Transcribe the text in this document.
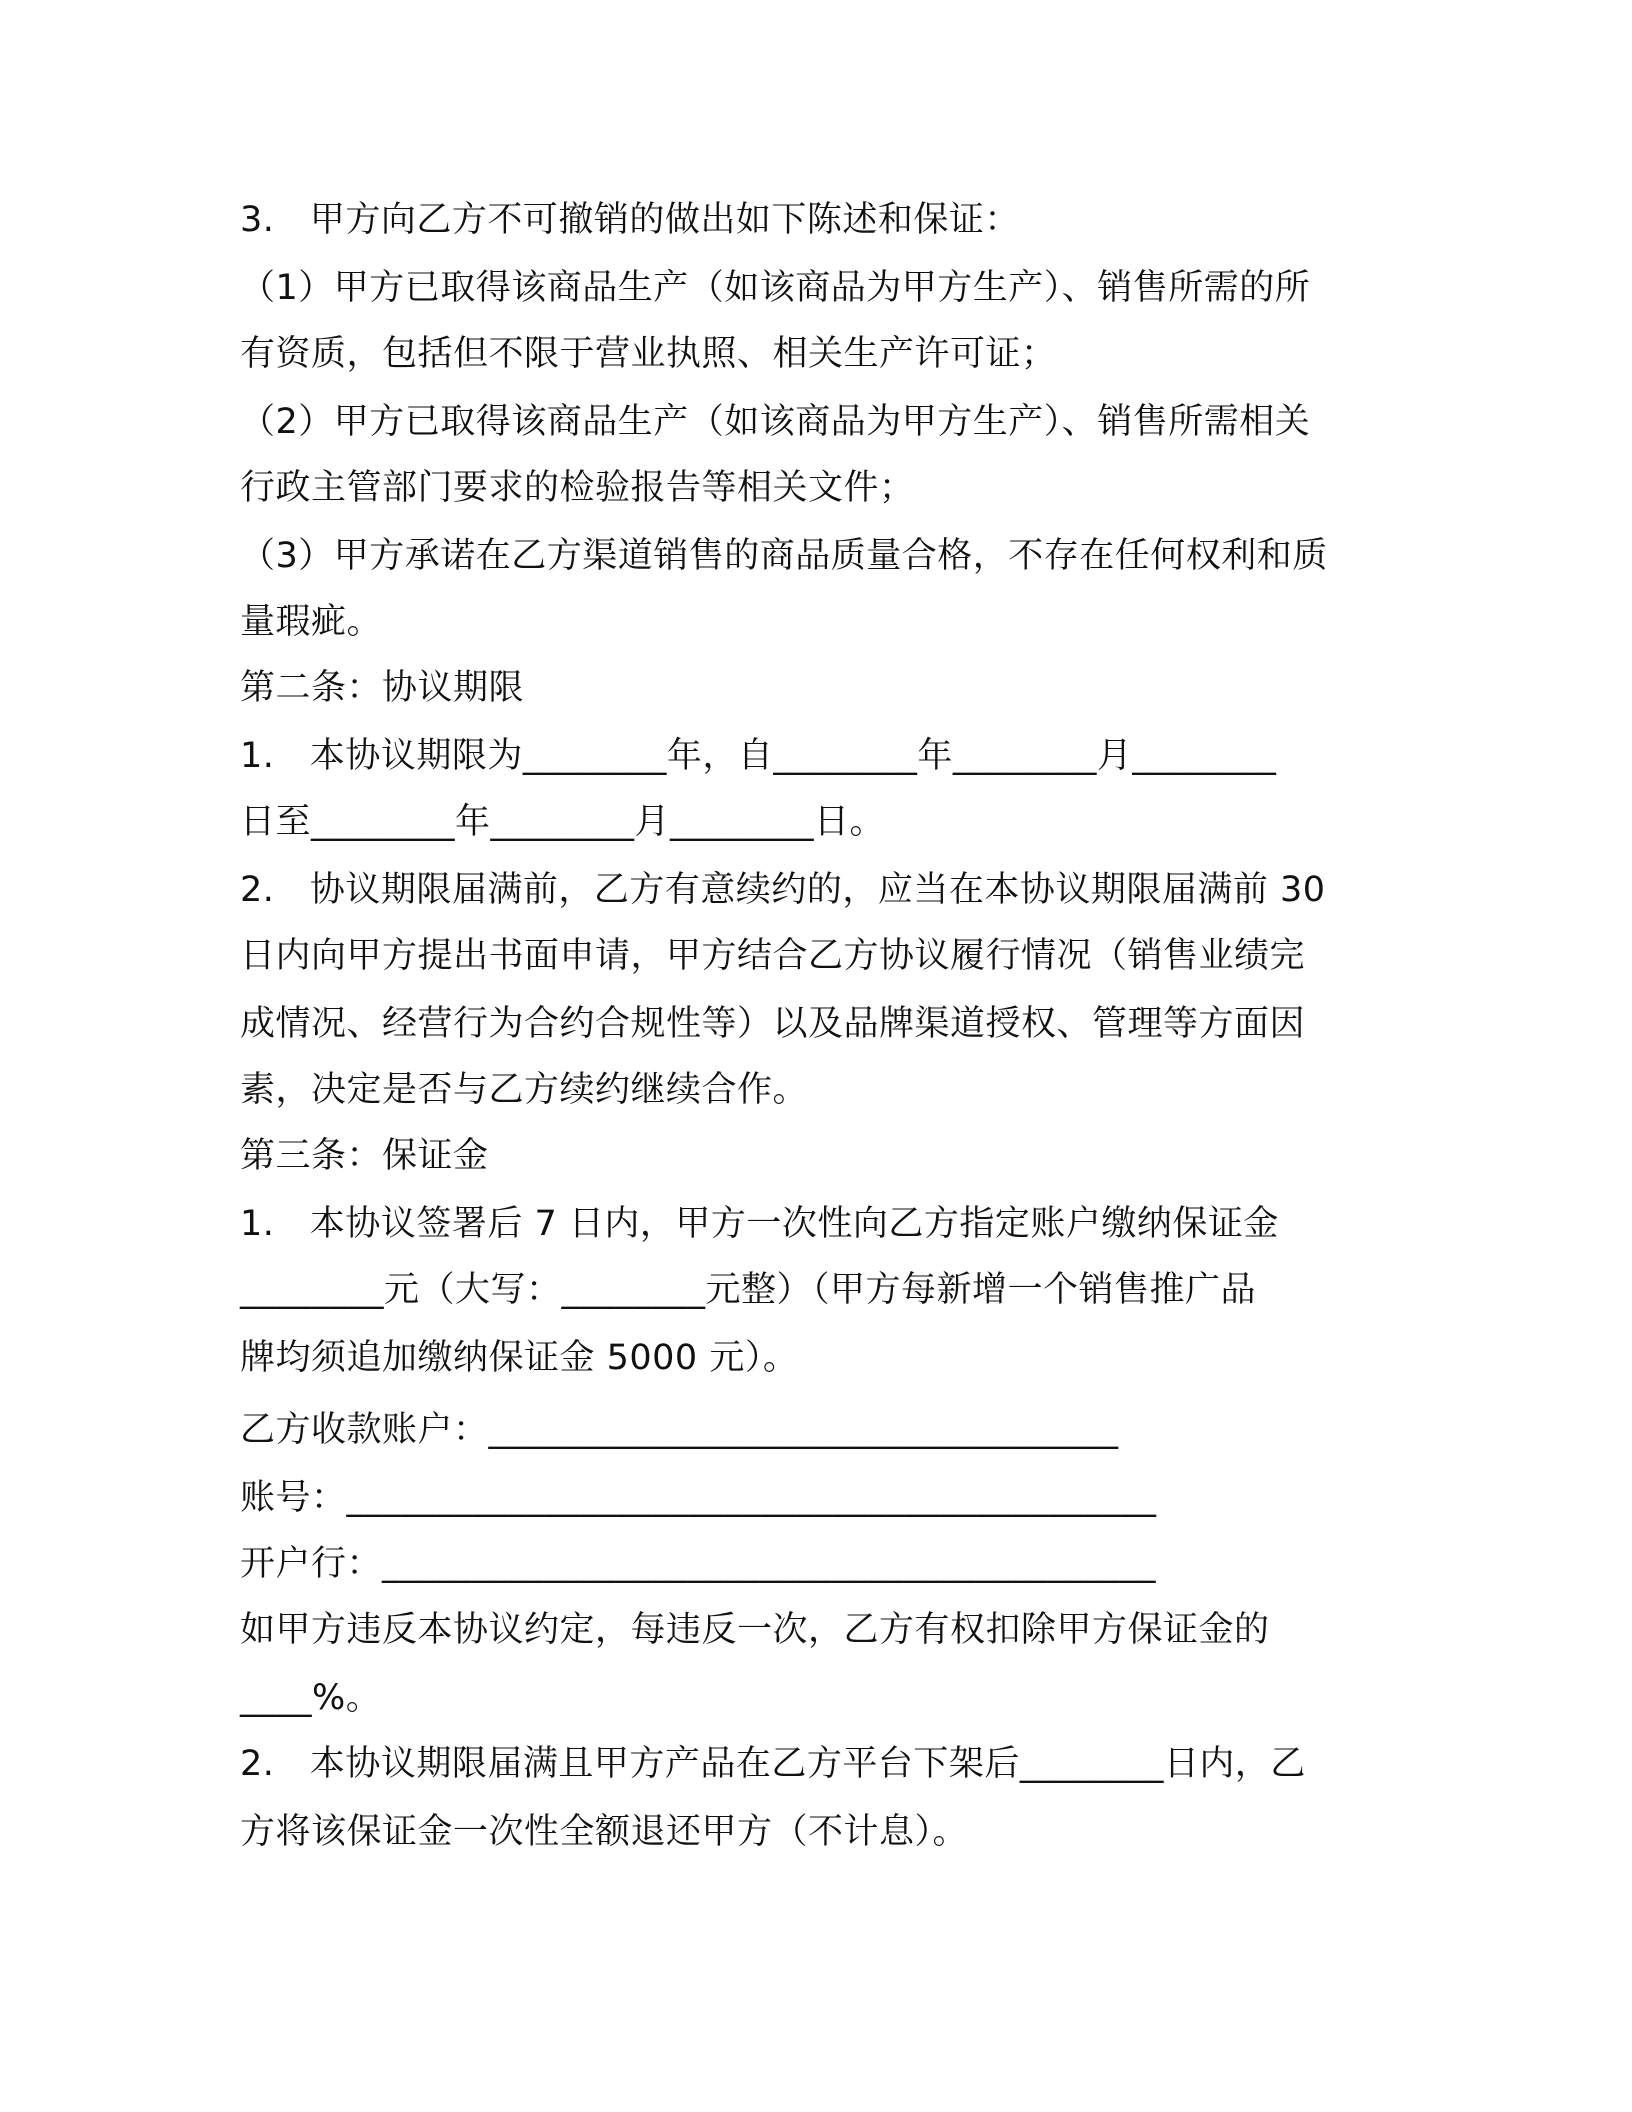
3.　甲方向乙方不可撤销的做出如下陈述和保证：
（1）甲方已取得该商品生产（如该商品为甲方生产）、销售所需的所
有资质，包括但不限于营业执照、相关生产许可证；
（2）甲方已取得该商品生产（如该商品为甲方生产）、销售所需相关
行政主管部门要求的检验报告等相关文件；
（3）甲方承诺在乙方渠道销售的商品质量合格，不存在任何权利和质
量瑕疵。
第二条：协议期限
1.　本协议期限为________年，自________年________月________
日至________年________月________日。
2.　协议期限届满前，乙方有意续约的，应当在本协议期限届满前 30
日内向甲方提出书面申请，甲方结合乙方协议履行情况（销售业绩完
成情况、经营行为合约合规性等）以及品牌渠道授权、管理等方面因
素，决定是否与乙方续约继续合作。
第三条：保证金
1.　本协议签署后 7 日内，甲方一次性向乙方指定账户缴纳保证金
________元（大写：________元整）（甲方每新增一个销售推广品
牌均须追加缴纳保证金 5000 元）。
乙方收款账户：___________________________________
账号：_____________________________________________
开户行：___________________________________________
如甲方违反本协议约定，每违反一次，乙方有权扣除甲方保证金的
____%。
2.　本协议期限届满且甲方产品在乙方平台下架后________日内，乙
方将该保证金一次性全额退还甲方（不计息）。
